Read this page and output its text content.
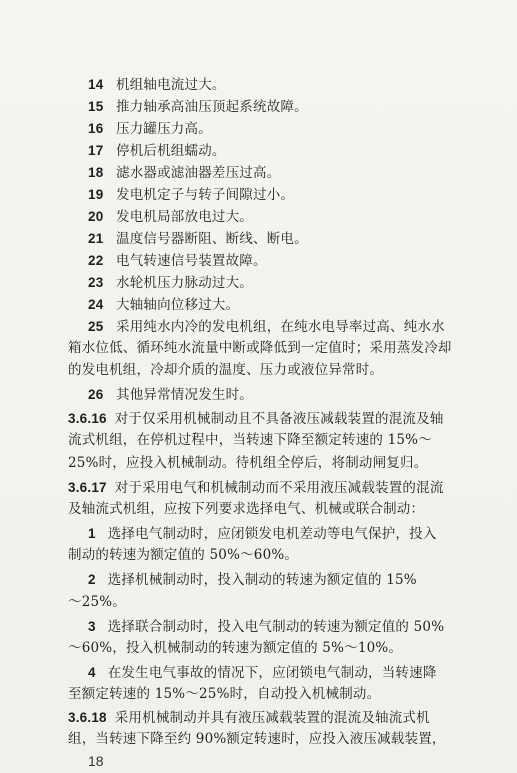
14 机组轴电流过大。
15 推力轴承高油压顶起系统故障。
16 压力罐压力高。
17 停机后机组蠕动。
18 滤水器或滤油器差压过高。
19 发电机定子与转子间隙过小。
20 发电机局部放电过大。
21 温度信号器断阻、断线、断电。
22 电气转速信号装置故障。
23 水轮机压力脉动过大。
24 大轴轴向位移过大。
25 采用纯水内冷的发电机组，在纯水电导率过高、纯水水
箱水位低、循环纯水流量中断或降低到一定值时；采用蒸发冷却
的发电机组，冷却介质的温度、压力或液位异常时。
26 其他异常情况发生时。
3.6.16 对于仅采用机械制动且不具备液压减载装置的混流及轴
流式机组，在停机过程中，当转速下降至额定转速的 15%～
25%时，应投入机械制动。待机组全停后，将制动闸复归。
3.6.17 对于采用电气和机械制动而不采用液压减载装置的混流
及轴流式机组，应按下列要求选择电气、机械或联合制动：
1 选择电气制动时，应闭锁发电机差动等电气保护，投入
制动的转速为额定值的 50%～60%。
2 选择机械制动时，投入制动的转速为额定值的 15%
～25%。
3 选择联合制动时，投入电气制动的转速为额定值的 50%
～60%，投入机械制动的转速为额定值的 5%～10%。
4 在发生电气事故的情况下，应闭锁电气制动，当转速降
至额定转速的 15%～25%时，自动投入机械制动。
18
3.6.18 采用机械制动并具有液压减载装置的混流及轴流式机
组，当转速下降至约 90%额定转速时，应投入液压减载装置，
